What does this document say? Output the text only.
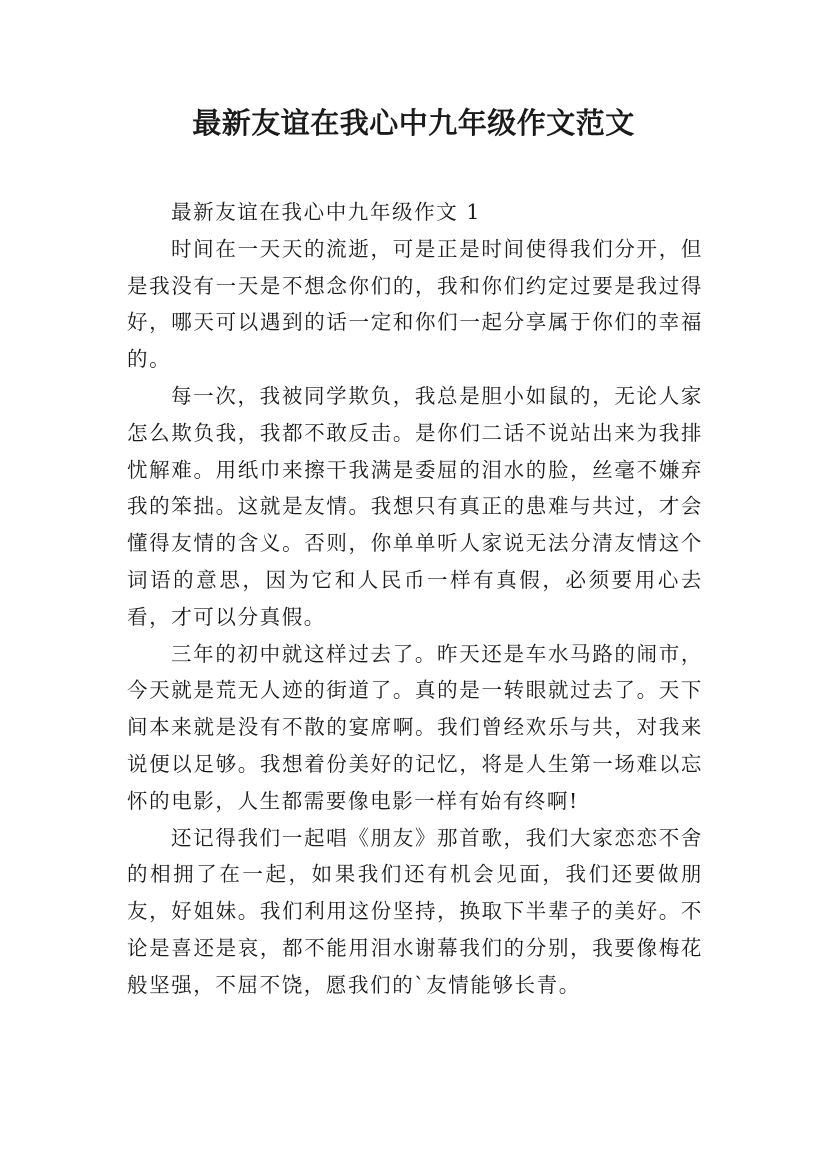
最新友谊在我心中九年级作文范文

最新友谊在我心中九年级作文 1

时间在一天天的流逝，可是正是时间使得我们分开，但是我没有一天是不想念你们的，我和你们约定过要是我过得好，哪天可以遇到的话一定和你们一起分享属于你们的幸福的。

每一次，我被同学欺负，我总是胆小如鼠的，无论人家怎么欺负我，我都不敢反击。是你们二话不说站出来为我排忧解难。用纸巾来擦干我满是委屈的泪水的脸，丝毫不嫌弃我的笨拙。这就是友情。我想只有真正的患难与共过，才会懂得友情的含义。否则，你单单听人家说无法分清友情这个词语的意思，因为它和人民币一样有真假，必须要用心去看，才可以分真假。

三年的初中就这样过去了。昨天还是车水马路的闹市，今天就是荒无人迹的街道了。真的是一转眼就过去了。天下间本来就是没有不散的宴席啊。我们曾经欢乐与共，对我来说便以足够。我想着份美好的记忆，将是人生第一场难以忘怀的电影，人生都需要像电影一样有始有终啊!

还记得我们一起唱《朋友》那首歌，我们大家恋恋不舍的相拥了在一起，如果我们还有机会见面，我们还要做朋友，好姐妹。我们利用这份坚持，换取下半辈子的美好。不论是喜还是哀，都不能用泪水谢幕我们的分别，我要像梅花般坚强，不屈不饶，愿我们的`友情能够长青。
